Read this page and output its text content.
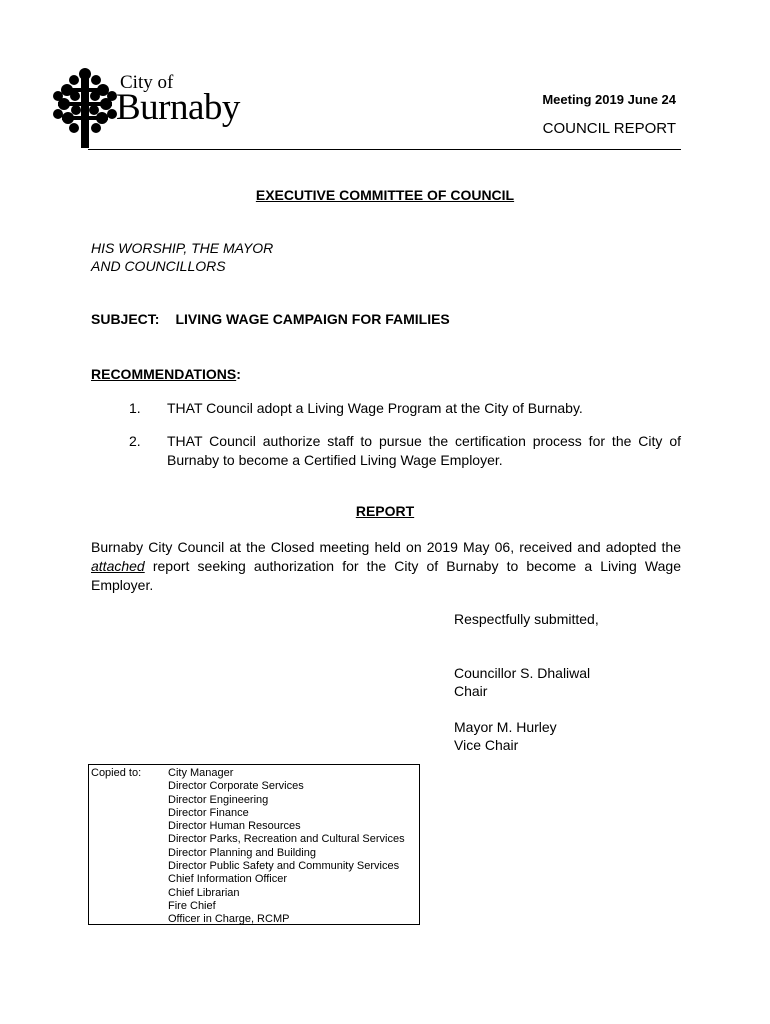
City of
Burnaby	Meeting 2019 June 24
COUNCIL REPORT
EXECUTIVE COMMITTEE OF COUNCIL
HIS WORSHIP, THE MAYOR
AND COUNCILLORS
SUBJECT: LIVING WAGE CAMPAIGN FOR FAMILIES
RECOMMENDATIONS:
1. THAT Council adopt a Living Wage Program at the City of Burnaby.
2. THAT Council authorize staff to pursue the certification process for the City of Burnaby to become a Certified Living Wage Employer.
REPORT
Burnaby City Council at the Closed meeting held on 2019 May 06, received and adopted the attached report seeking authorization for the City of Burnaby to become a Living Wage Employer.
Respectfully submitted,
Councillor S. Dhaliwal
Chair
Mayor M. Hurley
Vice Chair
Copied to: City Manager
Director Corporate Services
Director Engineering
Director Finance
Director Human Resources
Director Parks, Recreation and Cultural Services
Director Planning and Building
Director Public Safety and Community Services
Chief Information Officer
Chief Librarian
Fire Chief
Officer in Charge, RCMP
